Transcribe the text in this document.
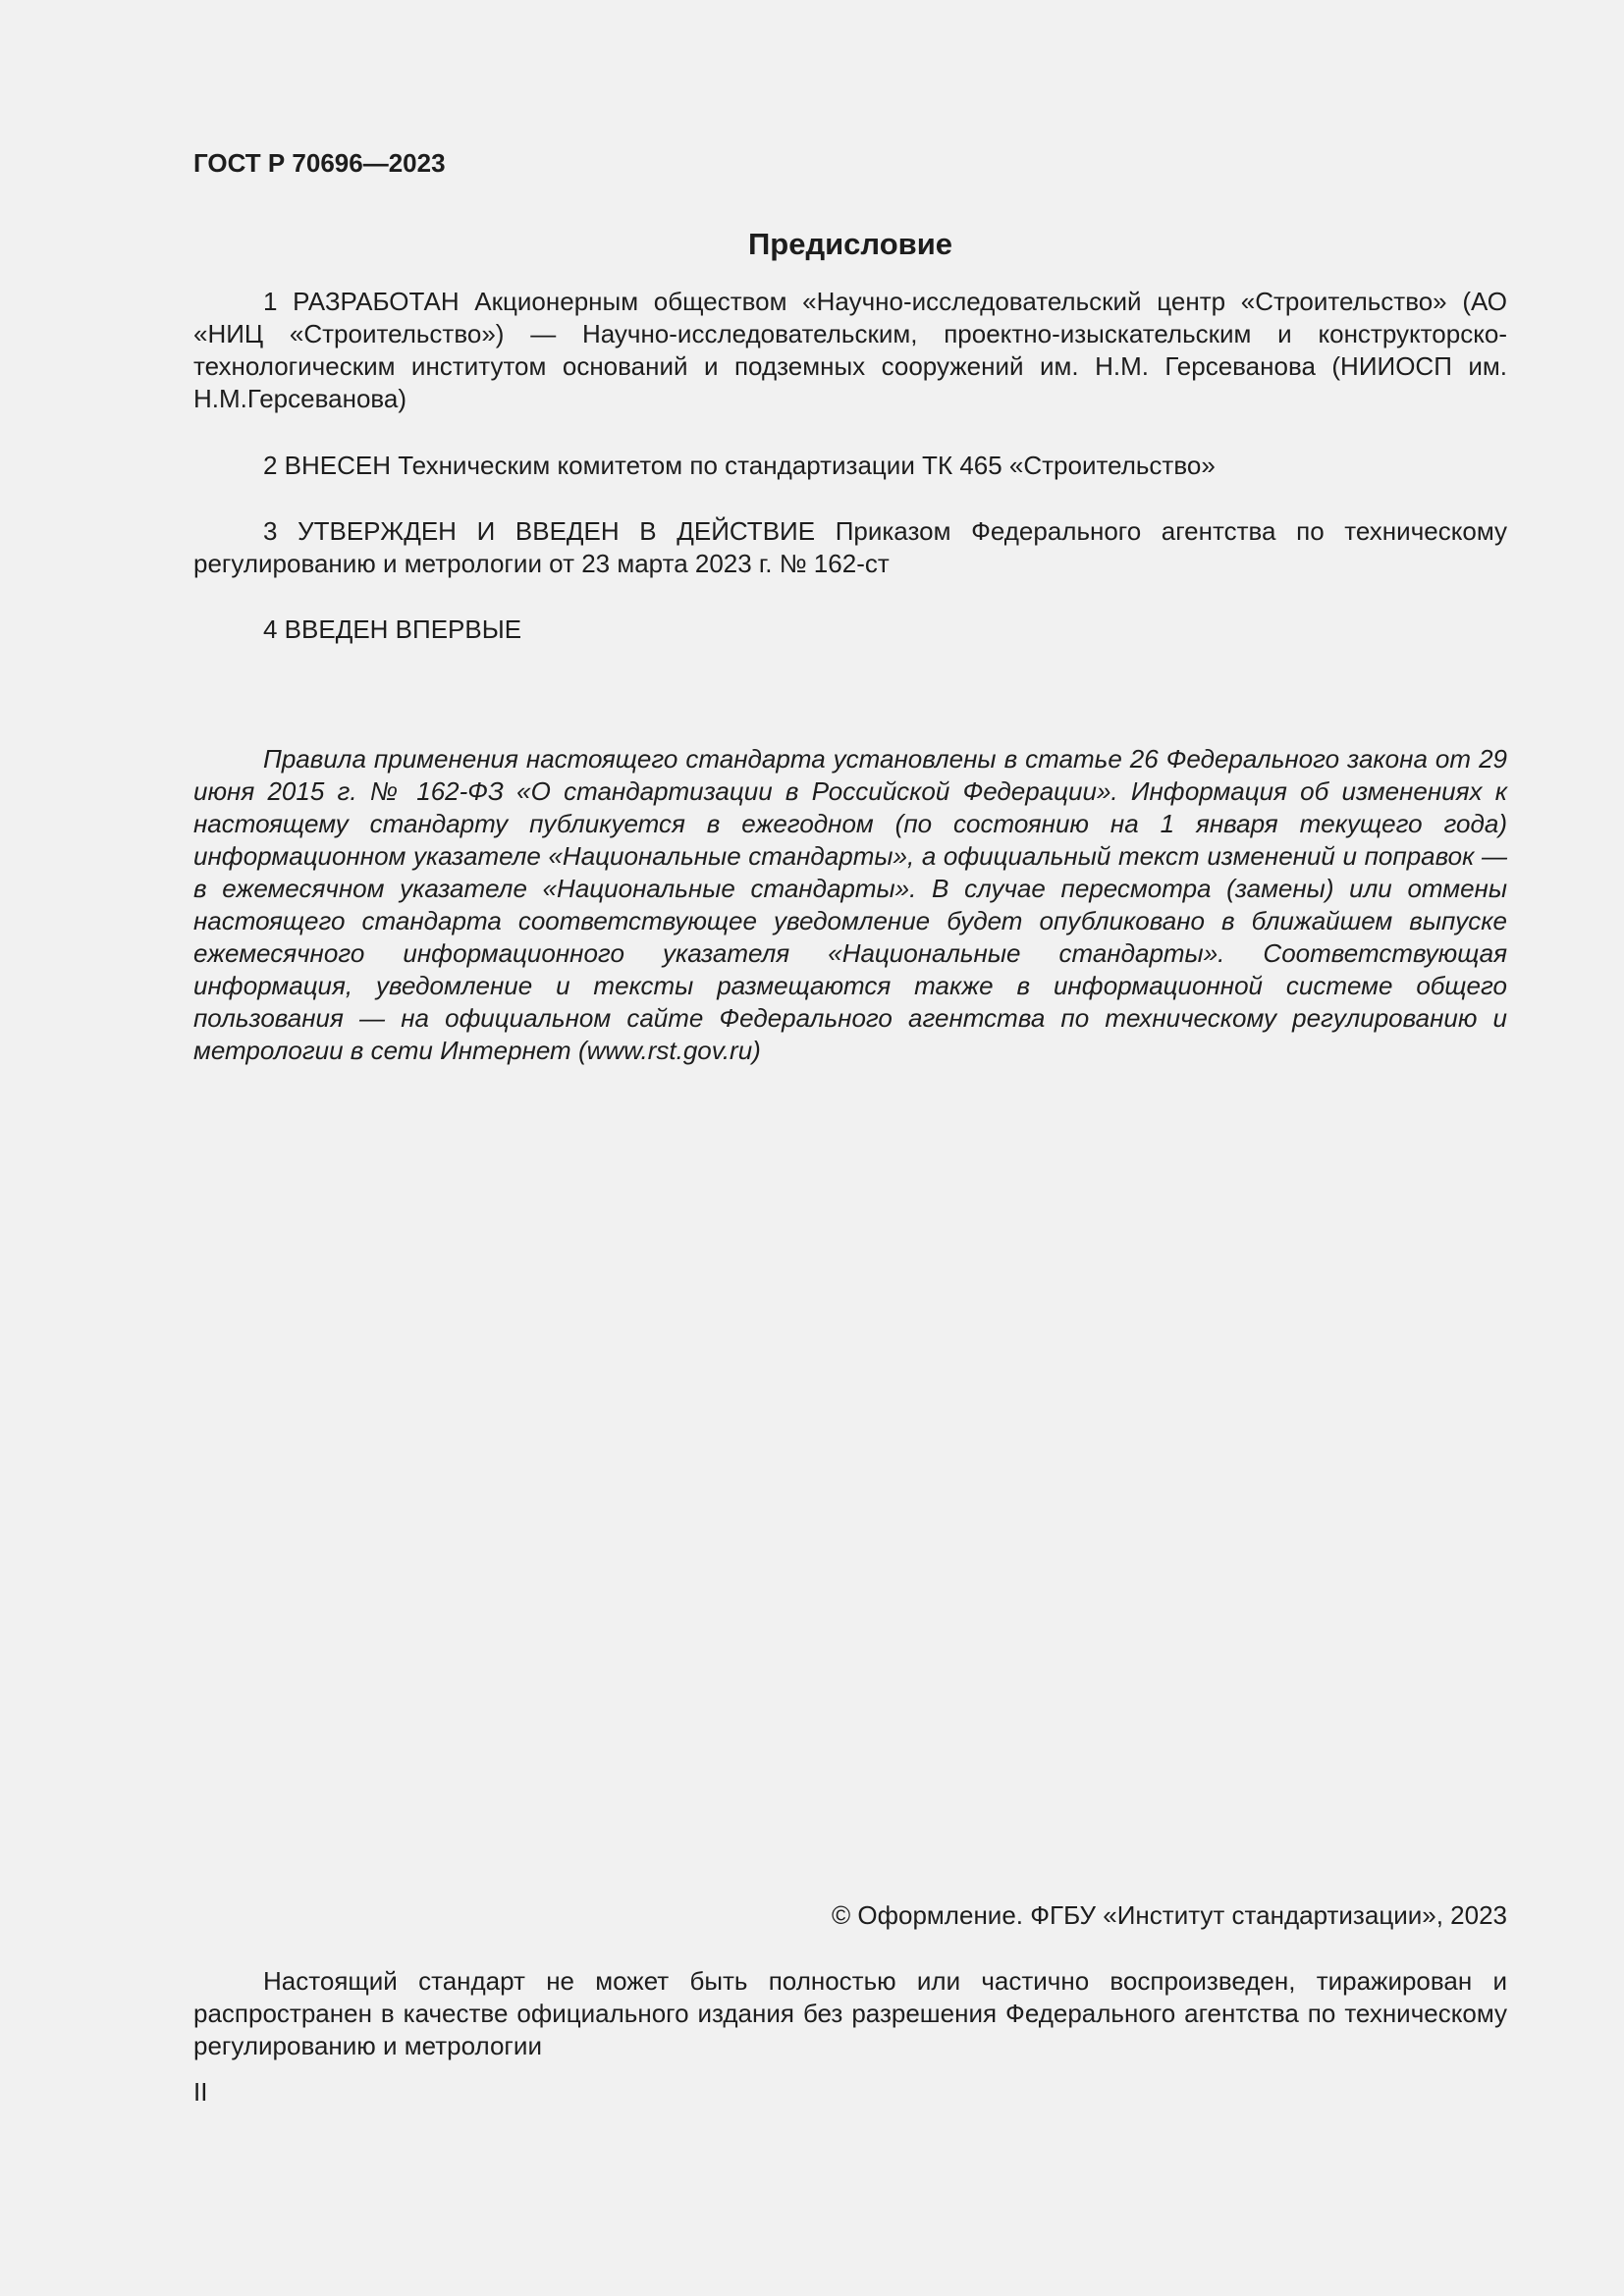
ГОСТ Р 70696—2023

Предисловие

1 РАЗРАБОТАН Акционерным обществом «Научно-исследовательский центр «Строительство» (АО «НИЦ «Строительство») — Научно-исследовательским, проектно-изыскательским и конструкторско-технологическим институтом оснований и подземных сооружений им. Н.М. Герсеванова (НИИОСП им. Н.М.Герсеванова)

2 ВНЕСЕН Техническим комитетом по стандартизации ТК 465 «Строительство»

3 УТВЕРЖДЕН И ВВЕДЕН В ДЕЙСТВИЕ Приказом Федерального агентства по техническому регулированию и метрологии от 23 марта 2023 г. № 162-ст

4 ВВЕДЕН ВПЕРВЫЕ

Правила применения настоящего стандарта установлены в статье 26 Федерального закона от 29 июня 2015 г. № 162-ФЗ «О стандартизации в Российской Федерации». Информация об изменениях к настоящему стандарту публикуется в ежегодном (по состоянию на 1 января текущего года) информационном указателе «Национальные стандарты», а официальный текст изменений и поправок — в ежемесячном указателе «Национальные стандарты». В случае пересмотра (замены) или отмены настоящего стандарта соответствующее уведомление будет опубликовано в ближайшем выпуске ежемесячного информационного указателя «Национальные стандарты». Соответствующая информация, уведомление и тексты размещаются также в информационной системе общего пользования — на официальном сайте Федерального агентства по техническому регулированию и метрологии в сети Интернет (www.rst.gov.ru)

© Оформление. ФГБУ «Институт стандартизации», 2023

Настоящий стандарт не может быть полностью или частично воспроизведен, тиражирован и распространен в качестве официального издания без разрешения Федерального агентства по техническому регулированию и метрологии

II
